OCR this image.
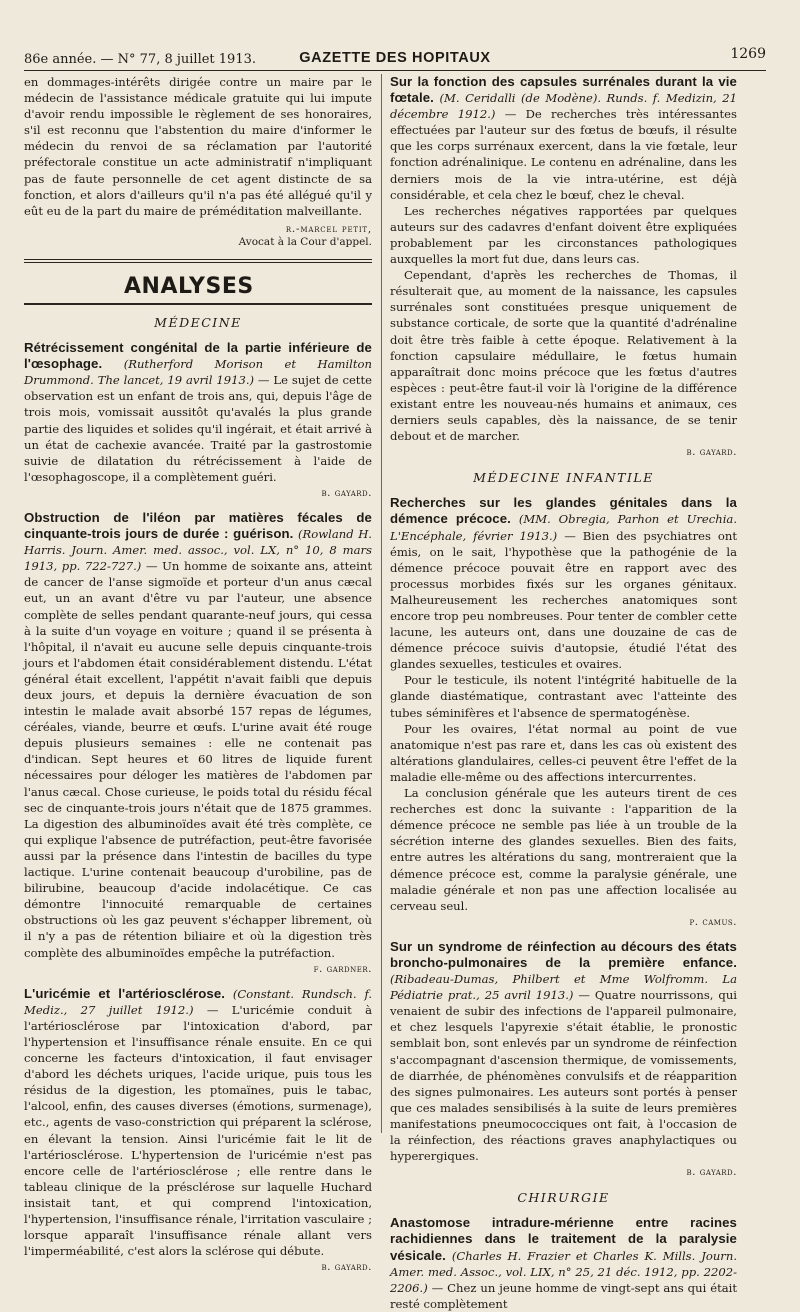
86e année. — N° 77, 8 juillet 1913.	GAZETTE DES HOPITAUX	1269

en dommages-intérêts dirigée contre un maire par le médecin de l'assistance médicale gratuite qui lui impute d'avoir rendu impossible le règlement de ses honoraires, s'il est reconnu que l'abstention du maire d'informer le médecin du renvoi de sa réclamation par l'autorité préfectorale constitue un acte administratif n'impliquant pas de faute personnelle de cet agent distincte de sa fonction, et alors d'ailleurs qu'il n'a pas été allégué qu'il y eût eu de la part du maire de préméditation malveillante.

r.-marcel petit,
Avocat à la Cour d'appel.
ANALYSES
MÉDECINE

Rétrécissement congénital de la partie inférieure de l'œsophage. (Rutherford Morison et Hamilton Drummond. The lancet, 19 avril 1913.) — Le sujet de cette observation est un enfant de trois ans, qui, depuis l'âge de trois mois, vomissait aussitôt qu'avalés la plus grande partie des liquides et solides qu'il ingérait, et était arrivé à un état de cachexie avancée. Traité par la gastrostomie suivie de dilatation du rétrécissement à l'aide de l'œsophagoscope, il a complètement guéri.

b. gayard.

Obstruction de l'iléon par matières fécales de cinquante-trois jours de durée : guérison. (Rowland H. Harris. Journ. Amer. med. assoc., vol. LX, n° 10, 8 mars 1913, pp. 722-727.) — Un homme de soixante ans, atteint de cancer de l'anse sigmoïde et porteur d'un anus cæcal eut, un an avant d'être vu par l'auteur, une absence complète de selles pendant quarante-neuf jours, qui cessa à la suite d'un voyage en voiture ; quand il se présenta à l'hôpital, il n'avait eu aucune selle depuis cinquante-trois jours et l'abdomen était considérablement distendu. L'état général était excellent, l'appétit n'avait faibli que depuis deux jours, et depuis la dernière évacuation de son intestin le malade avait absorbé 157 repas de légumes, céréales, viande, beurre et œufs. L'urine avait été rouge depuis plusieurs semaines : elle ne contenait pas d'indican. Sept heures et 60 litres de liquide furent nécessaires pour déloger les matières de l'abdomen par l'anus cæcal. Chose curieuse, le poids total du résidu fécal sec de cinquante-trois jours n'était que de 1875 grammes. La digestion des albuminoïdes avait été très complète, ce qui explique l'absence de putréfaction, peut-être favorisée aussi par la présence dans l'intestin de bacilles du type lactique. L'urine contenait beaucoup d'urobiline, pas de bilirubine, beaucoup d'acide indolacétique. Ce cas démontre l'innocuité remarquable de certaines obstructions où les gaz peuvent s'échapper librement, où il n'y a pas de rétention biliaire et où la digestion très complète des albuminoïdes empêche la putréfaction.

f. gardner.

L'uricémie et l'artériosclérose. (Constant. Rundsch. f. Mediz., 27 juillet 1912.) — L'uricémie conduit à l'artériosclérose par l'intoxication d'abord, par l'hypertension et l'insuffisance rénale ensuite. En ce qui concerne les facteurs d'intoxication, il faut envisager d'abord les déchets uriques, l'acide urique, puis tous les résidus de la digestion, les ptomaïnes, puis le tabac, l'alcool, enfin, des causes diverses (émotions, surmenage), etc., agents de vaso-constriction qui préparent la sclérose, en élevant la tension. Ainsi l'uricémie fait le lit de l'artériosclérose. L'hypertension de l'uricémie n'est pas encore celle de l'artériosclérose ; elle rentre dans le tableau clinique de la présclérose sur laquelle Huchard insistait tant, et qui comprend l'intoxication, l'hypertension, l'insuffisance rénale, l'irritation vasculaire ; lorsque apparaît l'insuffisance rénale allant vers l'imperméabilité, c'est alors la sclérose qui débute.

b. gayard.

Sur la fonction des capsules surrénales durant la vie fœtale. (M. Ceridalli (de Modène). Runds. f. Medizin, 21 décembre 1912.) — De recherches très intéressantes effectuées par l'auteur sur des fœtus de bœufs, il résulte que les corps surrénaux exercent, dans la vie fœtale, leur fonction adrénalinique. Le contenu en adrénaline, dans les derniers mois de la vie intra-utérine, est déjà considérable, et cela chez le bœuf, chez le cheval.

Les recherches négatives rapportées par quelques auteurs sur des cadavres d'enfant doivent être expliquées probablement par les circonstances pathologiques auxquelles la mort fut due, dans leurs cas.

Cependant, d'après les recherches de Thomas, il résulterait que, au moment de la naissance, les capsules surrénales sont constituées presque uniquement de substance corticale, de sorte que la quantité d'adrénaline doit être très faible à cette époque. Relativement à la fonction capsulaire médullaire, le fœtus humain apparaîtrait donc moins précoce que les fœtus d'autres espèces : peut-être faut-il voir là l'origine de la différence existant entre les nouveau-nés humains et animaux, ces derniers seuls capables, dès la naissance, de se tenir debout et de marcher.

b. gayard.
MÉDECINE INFANTILE

Recherches sur les glandes génitales dans la démence précoce. (MM. Obregia, Parhon et Urechia. L'Encéphale, février 1913.) — Bien des psychiatres ont émis, on le sait, l'hypothèse que la pathogénie de la démence précoce pouvait être en rapport avec des processus morbides fixés sur les organes génitaux. Malheureusement les recherches anatomiques sont encore trop peu nombreuses. Pour tenter de combler cette lacune, les auteurs ont, dans une douzaine de cas de démence précoce suivis d'autopsie, étudié l'état des glandes sexuelles, testicules et ovaires.

Pour le testicule, ils notent l'intégrité habituelle de la glande diastématique, contrastant avec l'atteinte des tubes séminifères et l'absence de spermatogénèse.

Pour les ovaires, l'état normal au point de vue anatomique n'est pas rare et, dans les cas où existent des altérations glandulaires, celles-ci peuvent être l'effet de la maladie elle-même ou des affections intercurrentes.

La conclusion générale que les auteurs tirent de ces recherches est donc la suivante : l'apparition de la démence précoce ne semble pas liée à un trouble de la sécrétion interne des glandes sexuelles. Bien des faits, entre autres les altérations du sang, montreraient que la démence précoce est, comme la paralysie générale, une maladie générale et non pas une affection localisée au cerveau seul.

p. camus.

Sur un syndrome de réinfection au décours des états broncho-pulmonaires de la première enfance. (Ribadeau-Dumas, Philbert et Mme Wolfromm. La Pédiatrie prat., 25 avril 1913.) — Quatre nourrissons, qui venaient de subir des infections de l'appareil pulmonaire, et chez lesquels l'apyrexie s'était établie, le pronostic semblait bon, sont enlevés par un syndrome de réinfection s'accompagnant d'ascension thermique, de vomissements, de diarrhée, de phénomènes convulsifs et de réapparition des signes pulmonaires. Les auteurs sont portés à penser que ces malades sensibilisés à la suite de leurs premières manifestations pneumococciques ont fait, à l'occasion de la réinfection, des réactions graves anaphylactiques ou hyperergiques.

b. gayard.
CHIRURGIE

Anastomose intradure-mérienne entre racines rachidiennes dans le traitement de la paralysie vésicale. (Charles H. Frazier et Charles K. Mills. Journ. Amer. med. Assoc., vol. LIX, n° 25, 21 déc. 1912, pp. 2202-2206.) — Chez un jeune homme de vingt-sept ans qui était resté complètement
